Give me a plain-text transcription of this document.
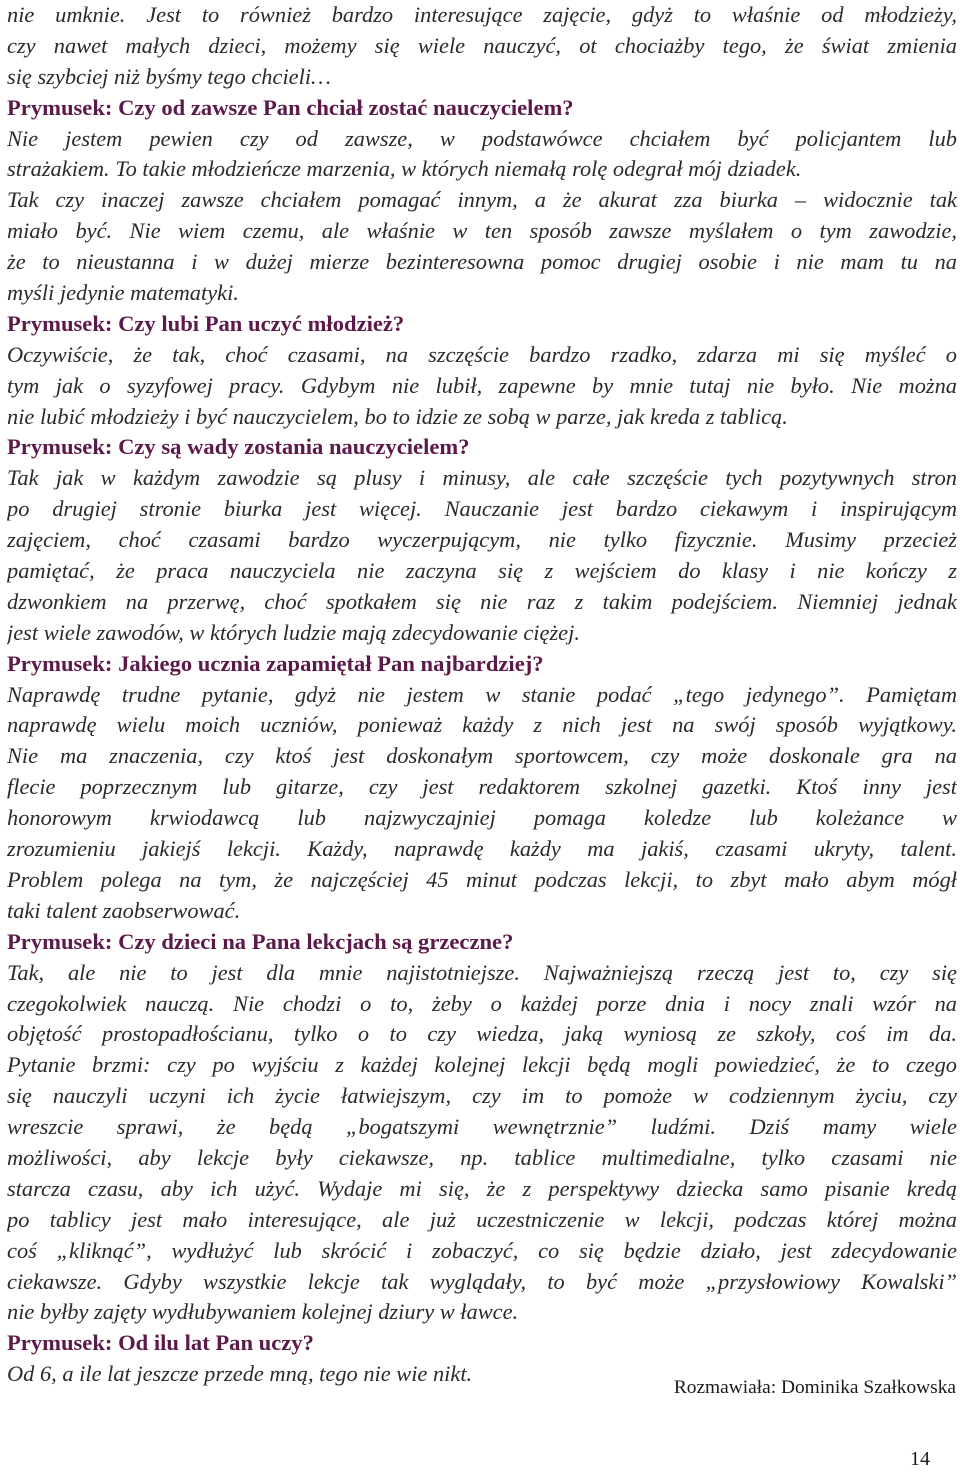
nie umknie. Jest to również bardzo interesujące zajęcie, gdyż to właśnie od młodzieży,
czy nawet małych dzieci, możemy się wiele nauczyć, ot chociażby tego, że świat zmienia
się szybciej niż byśmy tego chcieli…
Prymusek: Czy od zawsze Pan chciał zostać nauczycielem?
Nie jestem pewien czy od zawsze, w podstawówce chciałem być policjantem lub
strażakiem. To takie młodzieńcze marzenia, w których niemałą rolę odegrał mój dziadek.
Tak czy inaczej zawsze chciałem pomagać innym, a że akurat zza biurka – widocznie tak
miało być. Nie wiem czemu, ale właśnie w ten sposób zawsze myślałem o tym zawodzie,
że to nieustanna i w dużej mierze bezinteresowna pomoc drugiej osobie i nie mam tu na
myśli jedynie matematyki.
Prymusek: Czy lubi Pan uczyć młodzież?
Oczywiście, że tak, choć czasami, na szczęście bardzo rzadko, zdarza mi się myśleć o
tym jak o syzyfowej pracy. Gdybym nie lubił, zapewne by mnie tutaj nie było. Nie można
nie lubić młodzieży i być nauczycielem, bo to idzie ze sobą w parze, jak kreda z tablicą.
Prymusek: Czy są wady zostania nauczycielem?
Tak jak w każdym zawodzie są plusy i minusy, ale całe szczęście tych pozytywnych stron
po drugiej stronie biurka jest więcej. Nauczanie jest bardzo ciekawym i inspirującym
zajęciem, choć czasami bardzo wyczerpującym, nie tylko fizycznie. Musimy przecież
pamiętać, że praca nauczyciela nie zaczyna się z wejściem do klasy i nie kończy z
dzwonkiem na przerwę, choć spotkałem się nie raz z takim podejściem. Niemniej jednak
jest wiele zawodów, w których ludzie mają zdecydowanie ciężej.
Prymusek: Jakiego ucznia zapamiętał Pan najbardziej?
Naprawdę trudne pytanie, gdyż nie jestem w stanie podać „tego jedynego”. Pamiętam
naprawdę wielu moich uczniów, ponieważ każdy z nich jest na swój sposób wyjątkowy.
Nie ma znaczenia, czy ktoś jest doskonałym sportowcem, czy może doskonale gra na
flecie poprzecznym lub gitarze, czy jest redaktorem szkolnej gazetki. Ktoś inny jest
honorowym krwiodawcą lub najzwyczajniej pomaga koledze lub koleżance w
zrozumieniu jakiejś lekcji. Każdy, naprawdę każdy ma jakiś, czasami ukryty, talent.
Problem polega na tym, że najczęściej 45 minut podczas lekcji, to zbyt mało abym mógł
taki talent zaobserwować.
Prymusek: Czy dzieci na Pana lekcjach są grzeczne?
Tak, ale nie to jest dla mnie najistotniejsze. Najważniejszą rzeczą jest to, czy się
czegokolwiek nauczą. Nie chodzi o to, żeby o każdej porze dnia i nocy znali wzór na
objętość prostopadłościanu, tylko o to czy wiedza, jaką wyniosą ze szkoły, coś im da.
Pytanie brzmi: czy po wyjściu z każdej kolejnej lekcji będą mogli powiedzieć, że to czego
się nauczyli uczyni ich życie łatwiejszym, czy im to pomoże w codziennym życiu, czy
wreszcie sprawi, że będą „bogatszymi wewnętrznie” ludźmi. Dziś mamy wiele
możliwości, aby lekcje były ciekawsze, np. tablice multimedialne, tylko czasami nie
starcza czasu, aby ich użyć. Wydaje mi się, że z perspektywy dziecka samo pisanie kredą
po tablicy jest mało interesujące, ale już uczestniczenie w lekcji, podczas której można
coś „kliknąć”, wydłużyć lub skrócić i zobaczyć, co się będzie działo, jest zdecydowanie
ciekawsze. Gdyby wszystkie lekcje tak wyglądały, to być może „przysłowiowy Kowalski”
nie byłby zajęty wydłubywaniem kolejnej dziury w ławce.
Prymusek: Od ilu lat Pan uczy?
Od 6, a ile lat jeszcze przede mną, tego nie wie nikt.
Rozmawiała: Dominika Szałkowska
14
